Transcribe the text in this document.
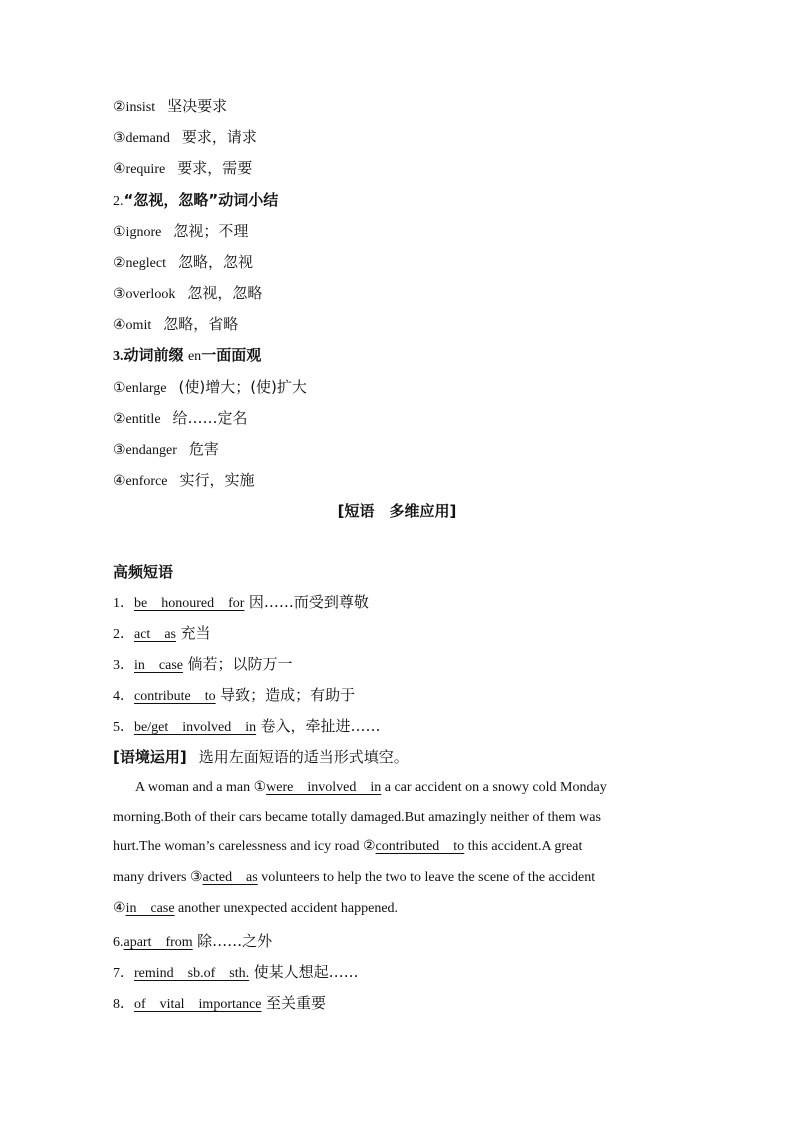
②insist 坚决要求
③demand 要求，请求
④require 要求，需要
2.“忽视，忽略”动词小结
①ignore 忽视；不理
②neglect 忽略，忽视
③overlook 忽视，忽略
④omit 忽略，省略
3.动词前缀 en一面面观
①enlarge (使)增大；(使)扩大
②entitle 给……定名
③endanger 危害
④enforce 实行，实施
[短语　多维应用]
高频短语
1．be　honoured　for 因……而受到尊敬
2．act　as 充当
3．in　case 倘若；以防万一
4．contribute　to 导致；造成；有助于
5．be/get　involved　in 卷入，牵扯进……
[语境运用] 选用左面短语的适当形式填空。
A woman and a man ①were　involved　in a car accident on a snowy cold Monday
morning.Both of their cars became totally damaged.But amazingly neither of them was
hurt.The woman’s carelessness and icy road ②contributed　to this accident.A great
many drivers ③acted　as volunteers to help the two to leave the scene of the accident
④in　case another unexpected accident happened.
6.apart　from 除……之外
7．remind　sb.of　sth. 使某人想起……
8．of　vital　importance 至关重要
